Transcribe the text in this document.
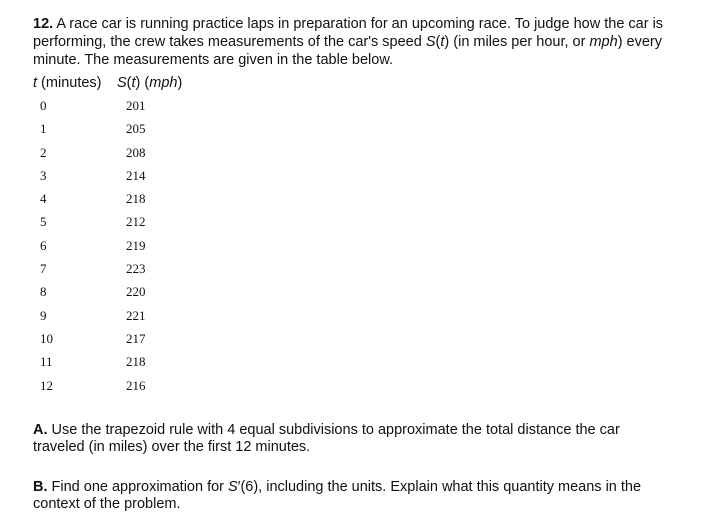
12. A race car is running practice laps in preparation for an upcoming race. To judge how the car is performing, the crew takes measurements of the car's speed S(t) (in miles per hour, or mph) every minute. The measurements are given in the table below.
t (minutes) S(t) (mph)
0	201
1	205
2	208
3	214
4	218
5	212
6	219
7	223
8	220
9	221
10	217
11	218
12	216
A. Use the trapezoid rule with 4 equal subdivisions to approximate the total distance the car traveled (in miles) over the first 12 minutes.
B. Find one approximation for S′(6), including the units. Explain what this quantity means in the context of the problem.
